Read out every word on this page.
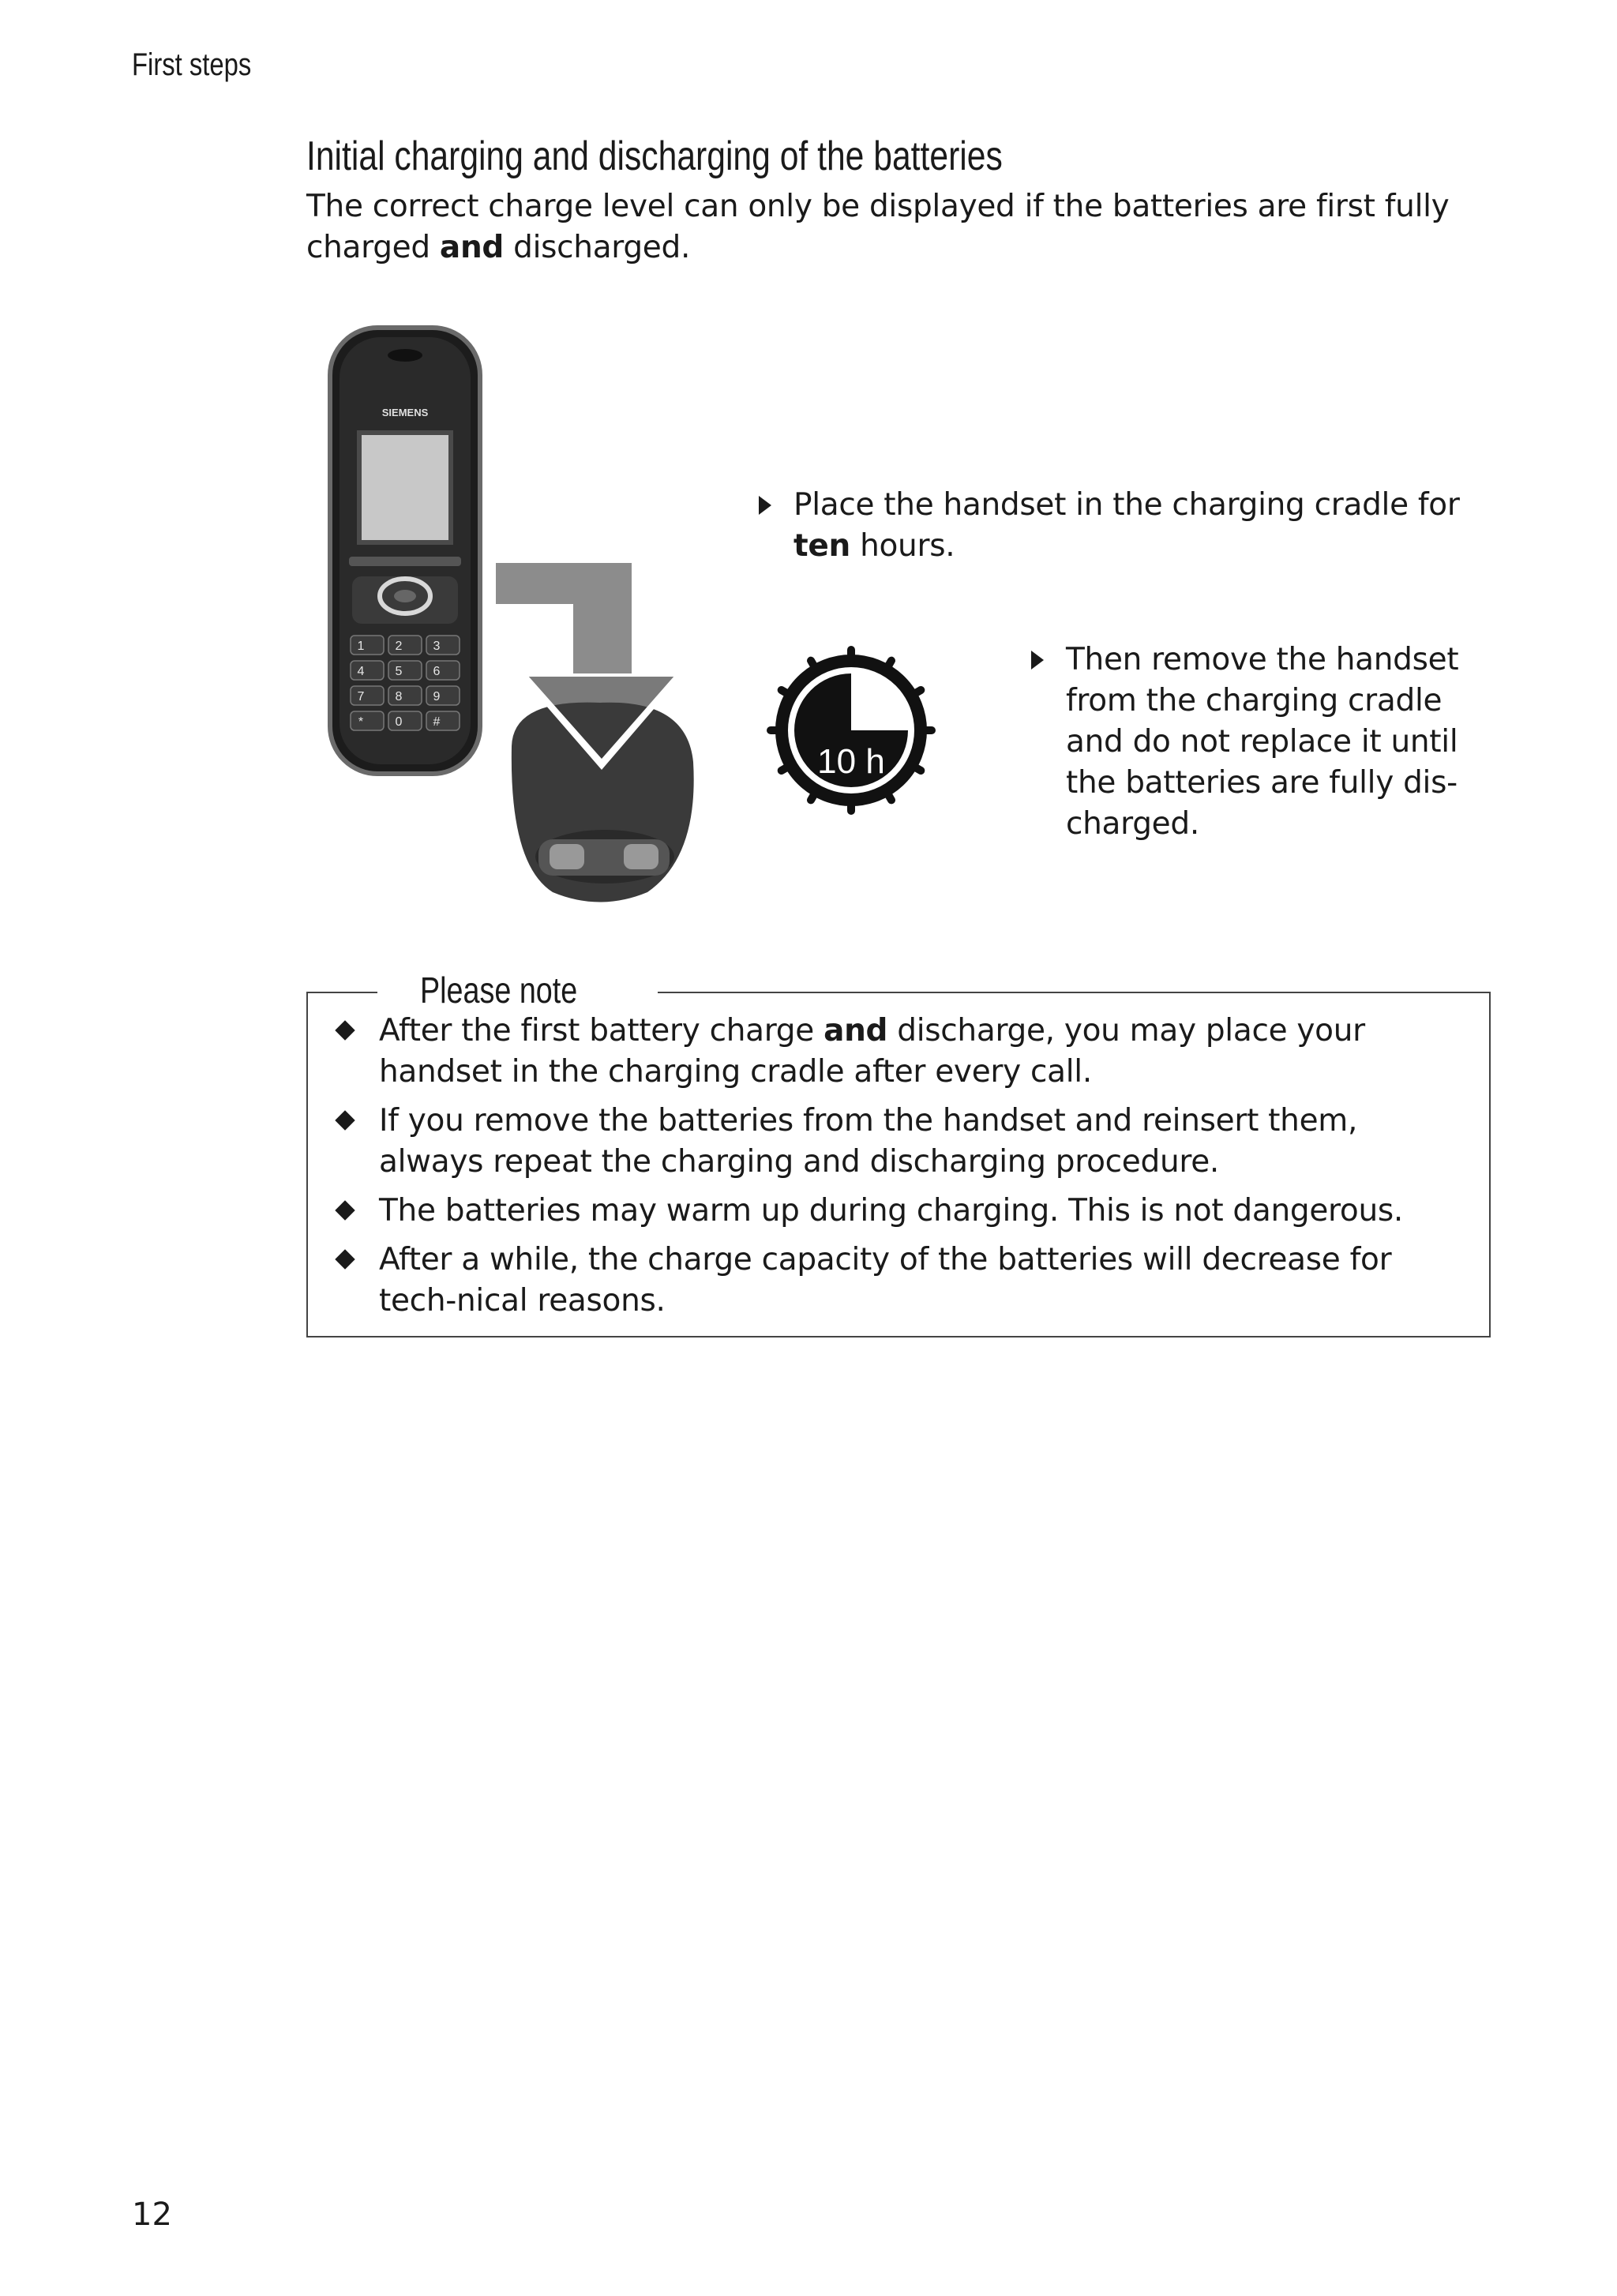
First steps
Initial charging and discharging of the batteries
The correct charge level can only be displayed if the batteries are first fully charged and discharged.
SIEMENS
1 2 3
4 5 6
7 8 9
*	0 #
10 h
Place the handset in the charging cradle for ten hours.
Then remove the handset from the charging cradle and do not replace it until the batteries are fully dis-charged.
Please note
After the first battery charge and discharge, you may place your handset in the charging cradle after every call.
If you remove the batteries from the handset and reinsert them, always repeat the charging and discharging procedure.
The batteries may warm up during charging. This is not dangerous.
After a while, the charge capacity of the batteries will decrease for tech-nical reasons.
12
